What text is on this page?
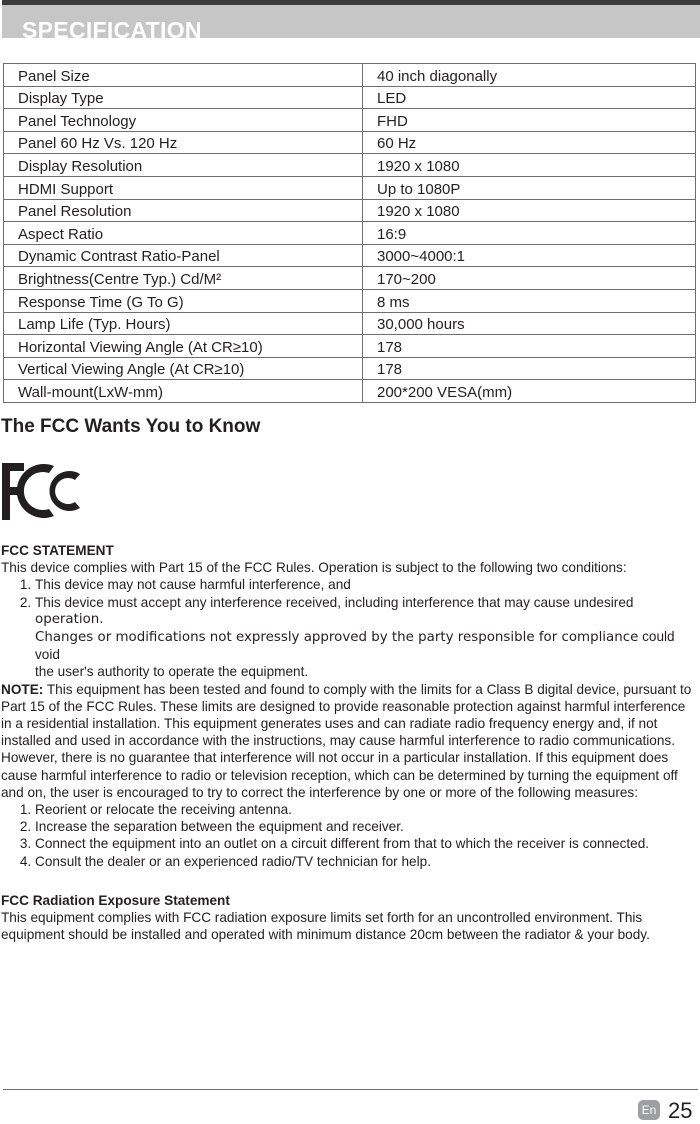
SPECIFICATION
Panel Size	40 inch diagonally
Display Type	LED
Panel Technology	FHD
Panel 60 Hz Vs. 120 Hz	60 Hz
Display Resolution	1920 x 1080
HDMI Support	Up to 1080P
Panel Resolution	1920 x 1080
Aspect Ratio	16:9
Dynamic Contrast Ratio-Panel	3000~4000:1
Brightness(Centre Typ.) Cd/M²	170~200
Response Time (G To G)	8 ms
Lamp Life (Typ. Hours)	30,000 hours
Horizontal Viewing Angle (At CR≥10)	178
Vertical Viewing Angle (At CR≥10)	178
Wall-mount(LxW-mm)	200*200 VESA(mm)
The FCC Wants You to Know
FCC STATEMENT
This device complies with Part 15 of the FCC Rules. Operation is subject to the following two conditions:
1. This device may not cause harmful interference, and
2. This device must accept any interference received, including interference that may cause undesired

operation.

Changes or modifications not expressly approved by the party responsible for compliance could void

the user's authority to operate the equipment.

NOTE: This equipment has been tested and found to comply with the limits for a Class B digital device, pursuant to Part 15 of the FCC Rules. These limits are designed to provide reasonable protection against harmful interference in a residential installation. This equipment generates uses and can radiate radio frequency energy and, if not installed and used in accordance with the instructions, may cause harmful interference to radio communications. However, there is no guarantee that interference will not occur in a particular installation. If this equipment does cause harmful interference to radio or television reception, which can be determined by turning the equipment off and on, the user is encouraged to try to correct the interference by one or more of the following measures:

1. Reorient or relocate the receiving antenna.
2. Increase the separation between the equipment and receiver.
3. Connect the equipment into an outlet on a circuit different from that to which the receiver is connected.
4. Consult the dealer or an experienced radio/TV technician for help.
FCC Radiation Exposure Statement
This equipment complies with FCC radiation exposure limits set forth for an uncontrolled environment. This equipment should be installed and operated with minimum distance 20cm between the radiator & your body.
En 25
